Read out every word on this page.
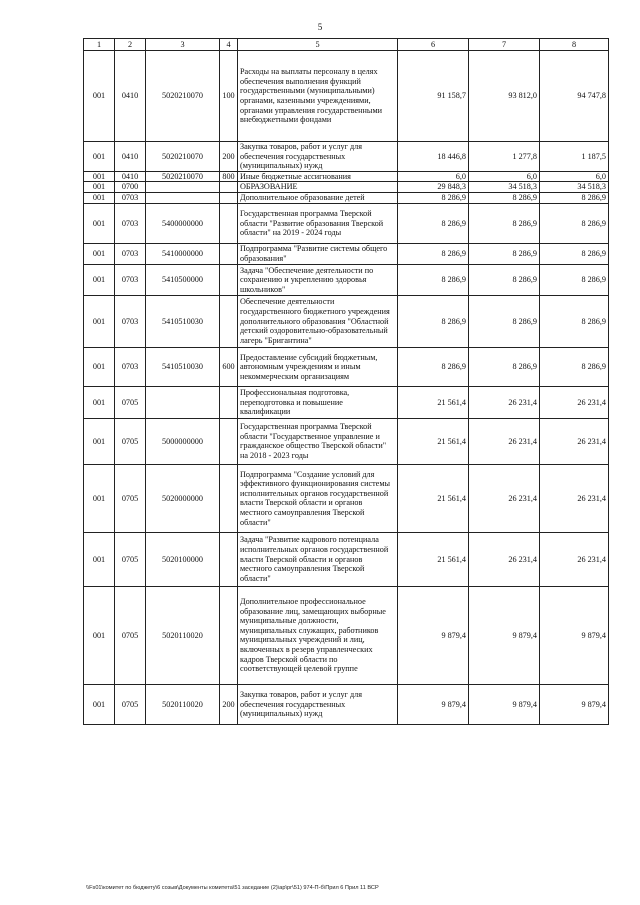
5
1	2	3	4	5	6	7	8
001	0410	5020210070	100	Расходы на выплаты персоналу в целях обеспечения выполнения функций государственными (муниципальными) органами, казенными учреждениями, органами управления государственными внебюджетными фондами	91 158,7	93 812,0	94 747,8
001	0410	5020210070	200	Закупка товаров, работ и услуг для обеспечения государственных (муниципальных) нужд	18 446,8	1 277,8	1 187,5
001	0410	5020210070	800	Иные бюджетные ассигнования	6,0	6,0	6,0
001	0700			ОБРАЗОВАНИЕ	29 848,3	34 518,3	34 518,3
001	0703			Дополнительное образование детей	8 286,9	8 286,9	8 286,9
001	0703	5400000000		Государственная программа Тверской области "Развитие образования Тверской области" на 2019 - 2024 годы	8 286,9	8 286,9	8 286,9
001	0703	5410000000		Подпрограмма "Развитие системы общего образования"	8 286,9	8 286,9	8 286,9
001	0703	5410500000		Задача "Обеспечение деятельности по сохранению и укреплению здоровья школьников"	8 286,9	8 286,9	8 286,9
001	0703	5410510030		Обеспечение деятельности государственного бюджетного учреждения дополнительного образования "Областной детский оздоровительно-образовательный лагерь "Бригантина"	8 286,9	8 286,9	8 286,9
001	0703	5410510030	600	Предоставление субсидий бюджетным, автономным учреждениям и иным некоммерческим организациям	8 286,9	8 286,9	8 286,9
001	0705			Профессиональная подготовка, переподготовка и повышение квалификации	21 561,4	26 231,4	26 231,4
001	0705	5000000000		Государственная программа Тверской области "Государственное управление и гражданское общество Тверской области" на 2018 - 2023 годы	21 561,4	26 231,4	26 231,4
001	0705	5020000000		Подпрограмма "Создание условий для эффективного функционирования системы исполнительных органов государственной власти Тверской области и органов местного самоуправления Тверской области"	21 561,4	26 231,4	26 231,4
001	0705	5020100000		Задача "Развитие кадрового потенциала исполнительных органов государственной власти Тверской области и органов местного самоуправления Тверской области"	21 561,4	26 231,4	26 231,4
001	0705	5020110020		Дополнительное профессиональное образование лиц, замещающих выборные муниципальные должности, муниципальных служащих, работников муниципальных учреждений и лиц, включенных в резерв управленческих кадров Тверской области по соответствующей целевой группе	9 879,4	9 879,4	9 879,4
001	0705	5020110020	200	Закупка товаров, работ и услуг для обеспечения государственных (муниципальных) нужд	9 879,4	9 879,4	9 879,4
\\Fs01\комитет по бюджету\6 созыв\Документы комитета\51 заседание (2)\ар\рг\51) 974-П-б\Прил 6 Прил 11 ВСР
